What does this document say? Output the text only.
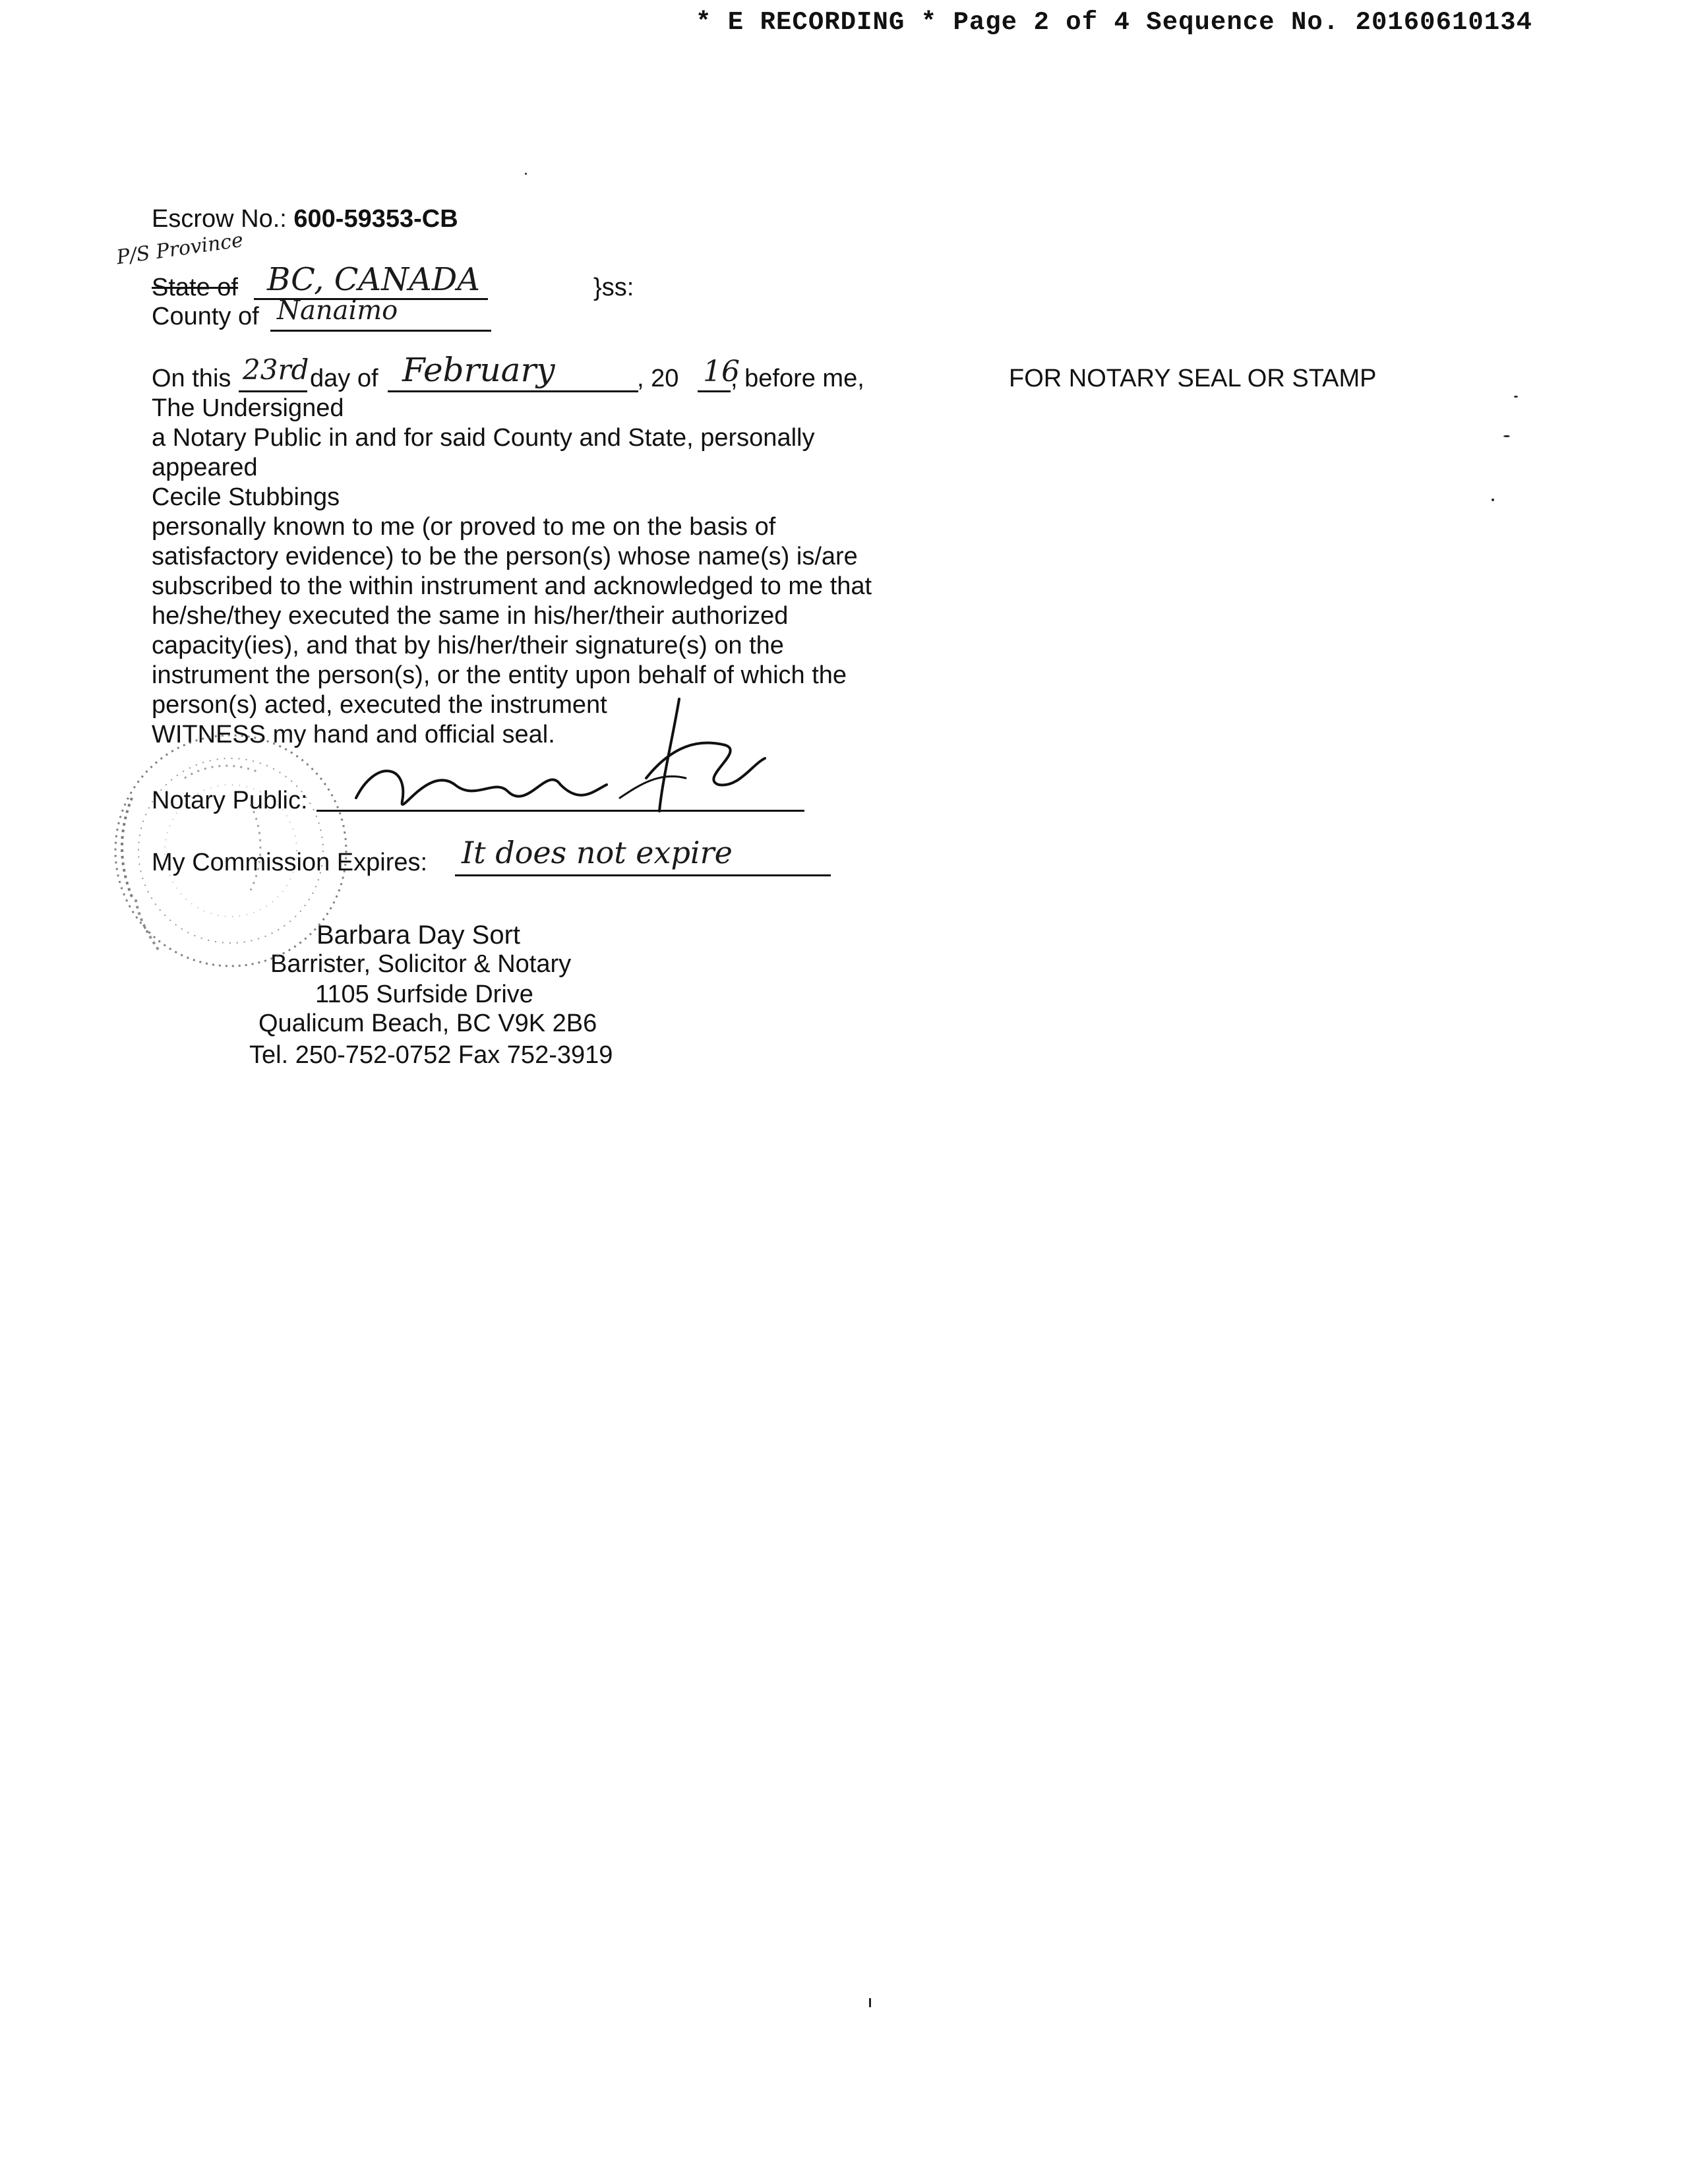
* E RECORDING * Page 2 of 4 Sequence No. 20160610134
Escrow No.: 600-59353-CB
P/S Province
State of BC, CANADA	}ss:
County of Nanaimo
On this 23rd day of February	, 20 16
, before me,	FOR NOTARY SEAL OR STAMP
The Undersigned
a Notary Public in and for said County and State, personally
appeared
Cecile Stubbings
personally known to me (or proved to me on the basis of
satisfactory evidence) to be the person(s) whose name(s) is/are
subscribed to the within instrument and acknowledged to me that
he/she/they executed the same in his/her/their authorized
capacity(ies), and that by his/her/their signature(s) on the
instrument the person(s), or the entity upon behalf of which the
person(s) acted, executed the instrument
WITNESS my hand and official seal.
Notary Public:
My Commission Expires: It does not expire
Barbara Day Sort
Barrister, Solicitor & Notary
1105 Surfside Drive
Qualicum Beach, BC V9K 2B6
Tel. 250-752-0752 Fax 752-3919
